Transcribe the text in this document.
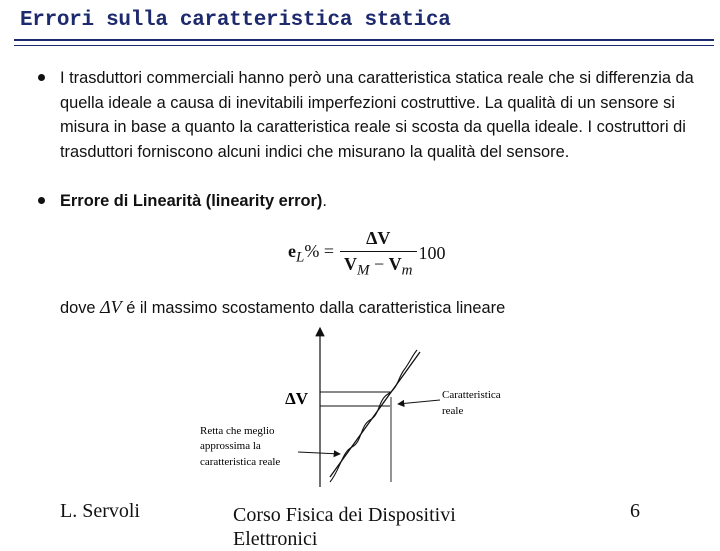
Errori sulla caratteristica statica
I trasduttori commerciali hanno però una caratteristica statica reale che si differenzia da quella ideale a causa di inevitabili imperfezioni costruttive. La qualità di un sensore si misura in base a quanto la caratteristica reale si scosta da quella ideale. I costruttori di trasduttori forniscono alcuni indici che misurano la qualità del sensore.
Errore di Linearità (linearity error).
$e_L\% = \frac{\Delta V}{V_M - V_m} 100$
dove ΔV é il massimo scostamento dalla caratteristica lineare
ΔV	Caratteristica
reale
Retta che meglio
approssima la
caratteristica reale
L. Servoli	Corso Fisica dei Dispositivi
Elettronici
6
